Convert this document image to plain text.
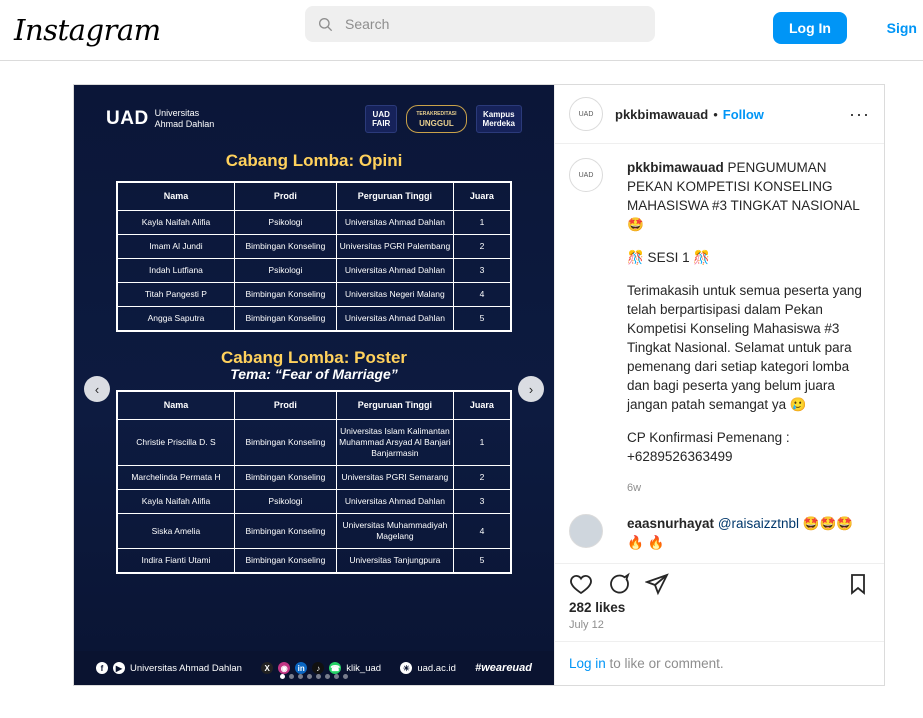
Instagram
Search	Log In	Sign
UAD Universitas
Ahmad Dahlan
UAD
FAIR
TERAKREDITASI
UNGGUL
Kampus
Merdeka
Cabang Lomba: Opini
Nama	Prodi	Perguruan Tinggi	Juara
Kayla Naifah Alifia	Psikologi	Universitas Ahmad Dahlan	1
Imam Al Jundi	Bimbingan Konseling	Universitas PGRI Palembang	2
Indah Lutfiana	Psikologi	Universitas Ahmad Dahlan	3
Titah Pangesti P	Bimbingan Konseling	Universitas Negeri Malang	4
Angga Saputra	Bimbingan Konseling	Universitas Ahmad Dahlan	5
Cabang Lomba: Poster
Tema: “Fear of Marriage”
Nama	Prodi	Perguruan Tinggi	Juara
Christie Priscilla D. S	Bimbingan Konseling	Universitas Islam Kalimantan Muhammad Arsyad Al Banjari Banjarmasin	1
Marchelinda Permata H	Bimbingan Konseling	Universitas PGRI Semarang	2
Kayla Naifah Alifia	Psikologi	Universitas Ahmad Dahlan	3
Siska Amelia	Bimbingan Konseling	Universitas Muhammadiyah Magelang	4
Indira Fianti Utami	Bimbingan Konseling	Universitas Tanjungpura	5
f	▶ Universitas Ahmad Dahlan	X	◉	in	♪	☎ klik_uad	☀ uad.ac.id #weareuad
‹	›
UAD pkkbimawauad • Follow	···
UAD pkkbimawauad PENGUMUMAN PEKAN KOMPETISI KONSELING MAHASISWA #3 TINGKAT NASIONAL 🤩

🎊 SESI 1 🎊

Terimakasih untuk semua peserta yang telah berpartisipasi dalam Pekan Kompetisi Konseling Mahasiswa #3 Tingkat Nasional. Selamat untuk para pemenang dari setiap kategori lomba dan bagi peserta yang belum juara jangan patah semangat ya 🥲

CP Konfirmasi Pemenang :

+6289526363499

6w
eaasnurhayat @raisaizztnbl 🤩🤩🤩🔥 🔥
282 likes
July 12
Log in to like or comment.
